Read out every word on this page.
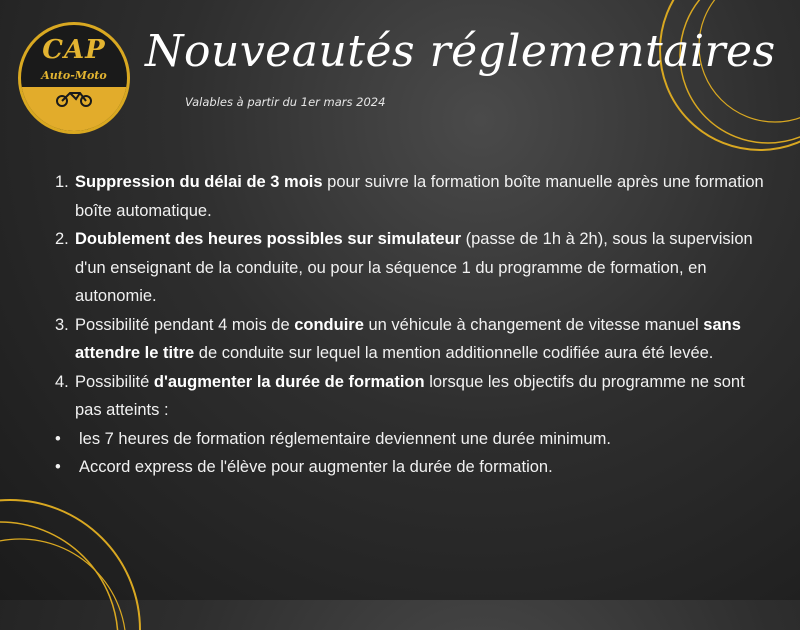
CAP
Auto-Moto Nouveautés réglementaires

Valables à partir du 1er mars 2024

1. Suppression du délai de 3 mois pour suivre la formation boîte manuelle après une formation boîte automatique.
2. Doublement des heures possibles sur simulateur (passe de 1h à 2h), sous la supervision d'un enseignant de la conduite, ou pour la séquence 1 du programme de formation, en autonomie.
3. Possibilité pendant 4 mois de conduire un véhicule à changement de vitesse manuel sans attendre le titre de conduite sur lequel la mention additionnelle codifiée aura été levée.
4. Possibilité d'augmenter la durée de formation lorsque les objectifs du programme ne sont pas atteints :
• les 7 heures de formation réglementaire deviennent une durée minimum.
• Accord express de l'élève pour augmenter la durée de formation.
